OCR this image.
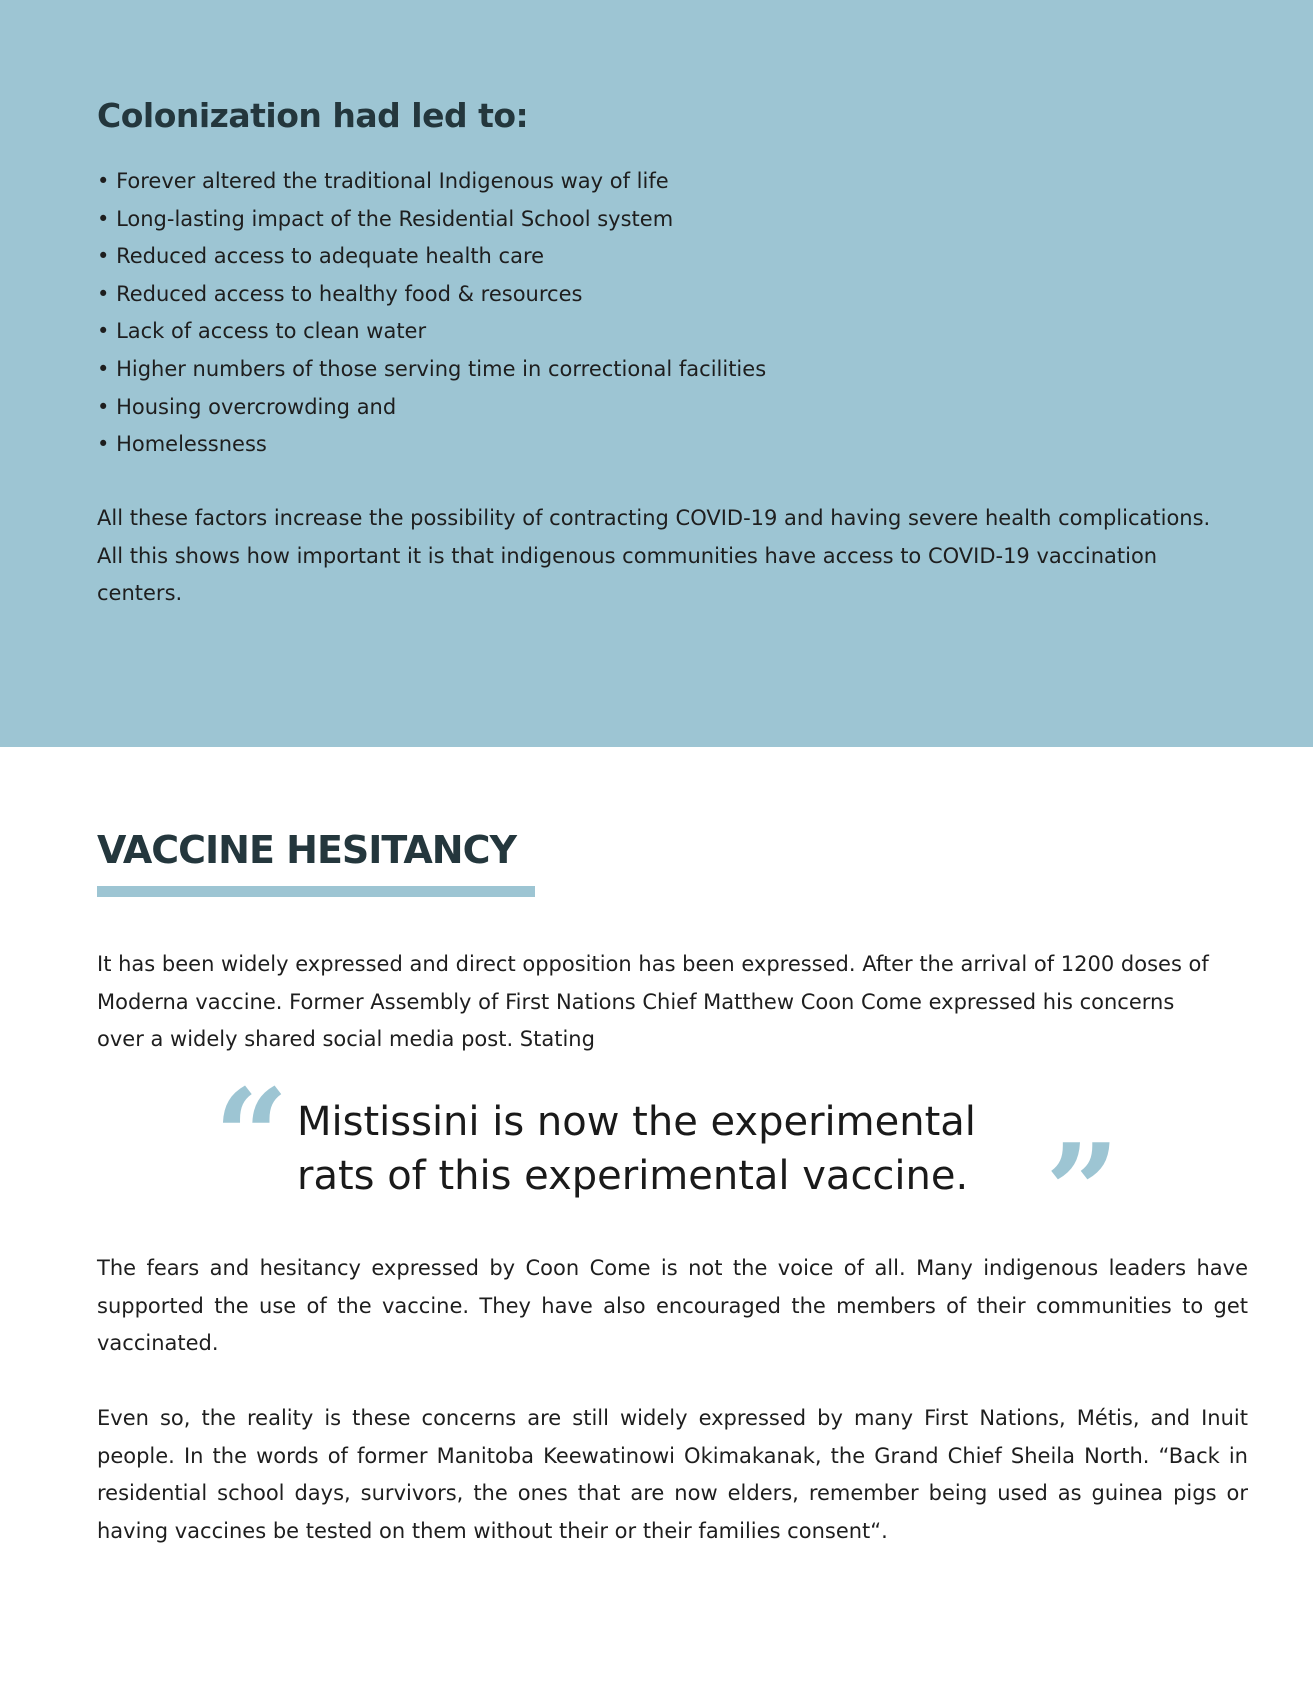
Colonization had led to:
• Forever altered the traditional Indigenous way of life
• Long-lasting impact of the Residential School system
• Reduced access to adequate health care
• Reduced access to healthy food & resources
• Lack of access to clean water
• Higher numbers of those serving time in correctional facilities
• Housing overcrowding and
• Homelessness

All these factors increase the possibility of contracting COVID-19 and having severe health complications.

All this shows how important it is that indigenous communities have access to COVID-19 vaccination centers.

VACCINE HESITANCY

It has been widely expressed and direct opposition has been expressed. After the arrival of 1200 doses of Moderna vaccine. Former Assembly of First Nations Chief Matthew Coon Come expressed his concerns over a widely shared social media post. Stating

“ Mistissini is now the experimental
rats of this experimental vaccine. ”

The fears and hesitancy expressed by Coon Come is not the voice of all. Many indigenous leaders have supported the use of the vaccine. They have also encouraged the members of their communities to get vaccinated.

Even so, the reality is these concerns are still widely expressed by many First Nations, Métis, and Inuit people. In the words of former Manitoba Keewatinowi Okimakanak, the Grand Chief Sheila North. “Back in residential school days, survivors, the ones that are now elders, remember being used as guinea pigs or having vaccines be tested on them without their or their families consent“.
